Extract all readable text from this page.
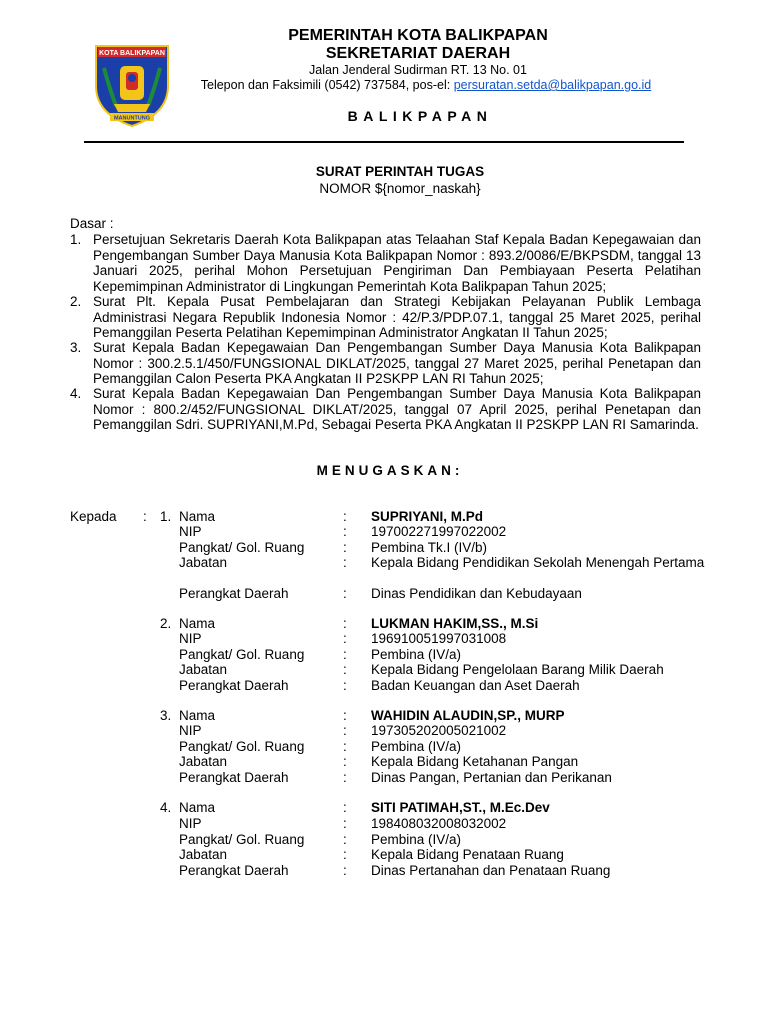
KOTA BALIKPAPAN
MANUNTUNG
PEMERINTAH KOTA BALIKPAPAN
SEKRETARIAT DAERAH
Jalan Jenderal Sudirman RT. 13 No. 01
Telepon dan Faksimili (0542) 737584, pos-el: persuratan.setda@balikpapan.go.id
BALIKPAPAN
SURAT PERINTAH TUGAS
NOMOR ${nomor_naskah}
Dasar :
1. Persetujuan Sekretaris Daerah Kota Balikpapan atas Telaahan Staf Kepala Badan Kepegawaian dan Pengembangan Sumber Daya Manusia Kota Balikpapan Nomor : 893.2/0086/E/BKPSDM, tanggal 13 Januari 2025, perihal Mohon Persetujuan Pengiriman Dan Pembiayaan Peserta Pelatihan Kepemimpinan Administrator di Lingkungan Pemerintah Kota Balikpapan Tahun 2025;
2. Surat Plt. Kepala Pusat Pembelajaran dan Strategi Kebijakan Pelayanan Publik Lembaga Administrasi Negara Republik Indonesia Nomor : 42/P.3/PDP.07.1, tanggal 25 Maret 2025, perihal Pemanggilan Peserta Pelatihan Kepemimpinan Administrator Angkatan II Tahun 2025;
3. Surat Kepala Badan Kepegawaian Dan Pengembangan Sumber Daya Manusia Kota Balikpapan Nomor : 300.2.5.1/450/FUNGSIONAL DIKLAT/2025, tanggal 27 Maret 2025, perihal Penetapan dan Pemanggilan Calon Peserta PKA Angkatan II P2SKPP LAN RI Tahun 2025;
4. Surat Kepala Badan Kepegawaian Dan Pengembangan Sumber Daya Manusia Kota Balikpapan Nomor : 800.2/452/FUNGSIONAL DIKLAT/2025, tanggal 07 April 2025, perihal Penetapan dan Pemanggilan Sdri. SUPRIYANI,M.Pd, Sebagai Peserta PKA Angkatan II P2SKPP LAN RI Samarinda.
MENUGASKAN:
Kepada : 1. Nama	: SUPRIYANI, M.Pd
NIP	: 197002271997022002
Pangkat/ Gol. Ruang	: Pembina Tk.I (IV/b)
Jabatan	: Kepala Bidang Pendidikan Sekolah Menengah Pertama
Perangkat Daerah	: Dinas Pendidikan dan Kebudayaan
2. Nama	: LUKMAN HAKIM,SS., M.Si
NIP	: 196910051997031008
Pangkat/ Gol. Ruang	: Pembina (IV/a)
Jabatan	: Kepala Bidang Pengelolaan Barang Milik Daerah
Perangkat Daerah	: Badan Keuangan dan Aset Daerah
3. Nama	: WAHIDIN ALAUDIN,SP., MURP
NIP	: 197305202005021002
Pangkat/ Gol. Ruang	: Pembina (IV/a)
Jabatan	: Kepala Bidang Ketahanan Pangan
Perangkat Daerah	: Dinas Pangan, Pertanian dan Perikanan
4. Nama	: SITI PATIMAH,ST., M.Ec.Dev
NIP	: 198408032008032002
Pangkat/ Gol. Ruang	: Pembina (IV/a)
Jabatan	: Kepala Bidang Penataan Ruang
Perangkat Daerah	: Dinas Pertanahan dan Penataan Ruang
